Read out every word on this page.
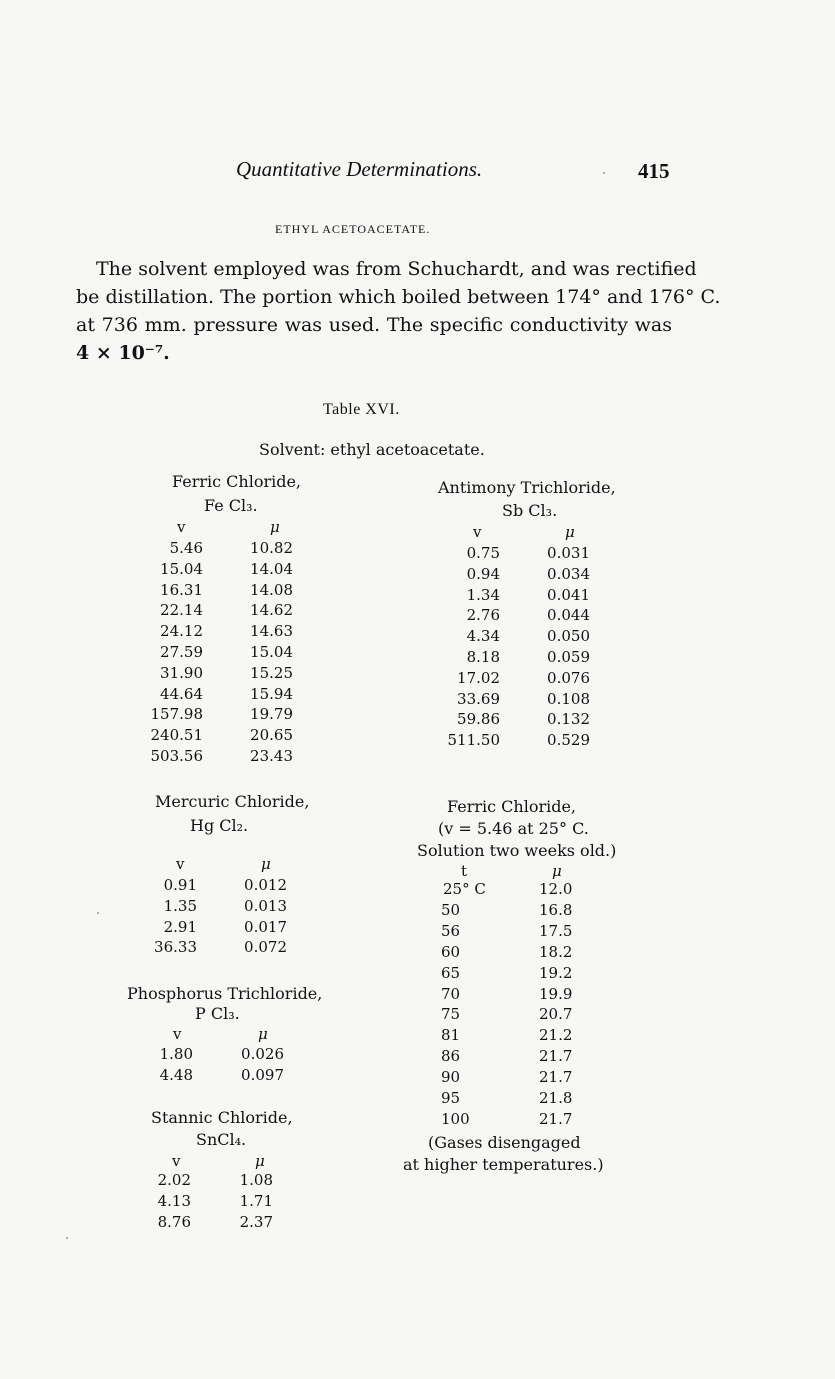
Quantitative Determinations.	415
ETHYL ACETOACETATE.
The solvent employed was from Schuchardt, and was rectified
be distillation. The portion which boiled between 174° and 176° C.
at 736 mm. pressure was used. The specific conductivity was
4 × 10⁻⁷.
Table XVI.
Solvent: ethyl acetoacetate.
Ferric Chloride,
Fe Cl₃.
v	μ
5.46	10.82
15.04	14.04
16.31	14.08
22.14	14.62
24.12	14.63
27.59	15.04
31.90	15.25
44.64	15.94
157.98	19.79
240.51	20.65
503.56	23.43
Antimony Trichloride,
Sb Cl₃.
v	μ
0.75	0.031
0.94	0.034
1.34	0.041
2.76	0.044
4.34	0.050
8.18	0.059
17.02	0.076
33.69	0.108
59.86	0.132
511.50	0.529
Mercuric Chloride,
Hg Cl₂.
v	μ
0.91	0.012
1.35	0.013
2.91	0.017
36.33	0.072
Ferric Chloride,
(v = 5.46 at 25° C.
Solution two weeks old.)
t	μ
25° C	12.0
50	16.8
56	17.5
60	18.2
65	19.2
70	19.9
75	20.7
81	21.2
86	21.7
90	21.7
95	21.8
100	21.7
(Gases disengaged
at higher temperatures.)
Phosphorus Trichloride,
P Cl₃.
v	μ
1.80	0.026
4.48	0.097
Stannic Chloride,
SnCl₄.
v	μ
2.02	1.08
4.13	1.71
8.76	2.37
